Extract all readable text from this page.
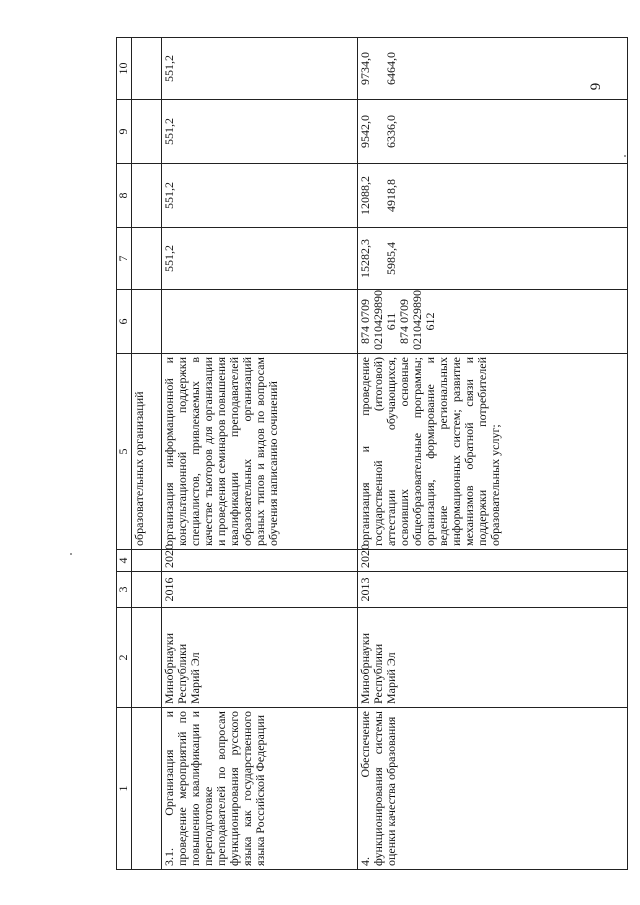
6
1	2	3	4	5	6	7	8	9	10
				образовательных организаций					
3.1. Организация и проведение мероприятий по повышению квалификации и переподготовке преподавателей по вопросам функционирования русского языка как государственного языка Российской Федерации	Минобрнауки Республики Марий Эл	2016	2020	организация информационной и консультационной поддержки специалистов, привлекаемых в качестве тьюторов для организации и проведения семинаров повышения квалификации преподавателей образовательных организаций разных типов и видов по вопросам обучения написанию сочинений		551,2	551,2	551,2	551,2
4. Обеспечение функционирования системы оценки качества образования	Минобрнауки Республики Марий Эл	2013	2020	организация и проведение государственной (итоговой) аттестации обучающихся, освоивших основные общеобразовательные программы; организация, формирование и ведение региональных информационных систем; развитие механизмов обратной связи и поддержки потребителей образовательных услуг;	874 0709 0210429890 611 874 0709 0210429890 612	15282,3 5985,4	12088,2 4918,8	9542,0 6336,0	9734,0 6464,0
